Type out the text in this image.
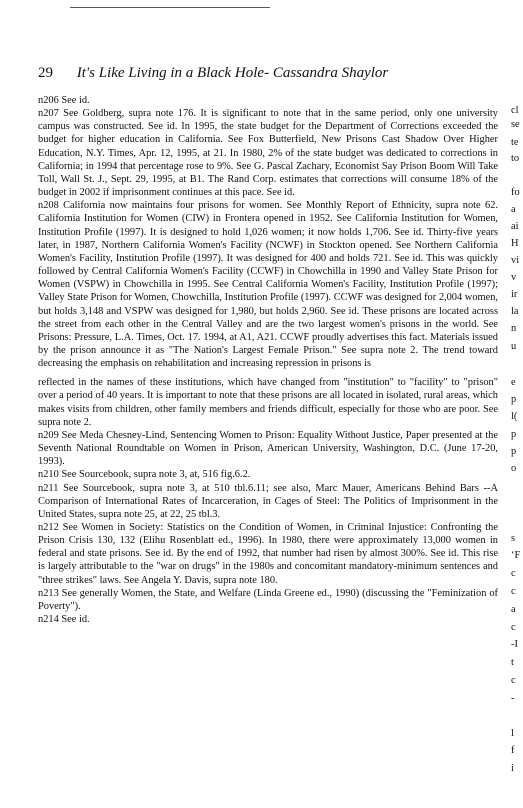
29 It's Like Living in a Black Hole- Cassandra Shaylor

n206 See id.

n207 See Goldberg, supra note 176. It is significant to note that in the same period, only one university campus was constructed. See id. In 1995, the state budget for the Department of Corrections exceeded the budget for higher education in California. See Fox Butterfield, New Prisons Cast Shadow Over Higher Education, N.Y. Times, Apr. 12, 1995, at 21. In 1980, 2% of the state budget was dedicated to corrections in California; in 1994 that percentage rose to 9%. See G. Pascal Zachary, Economist Say Prison Boom Will Take Toll, Wall St. J., Sept. 29, 1995, at B1. The Rand Corp. estimates that corrections will consume 18% of the budget in 2002 if imprisonment continues at this pace. See id.

n208 California now maintains four prisons for women. See Monthly Report of Ethnicity, supra note 62. California Institution for Women (CIW) in Frontera opened in 1952. See California Institution for Women, Institution Profile (1997). It is designed to hold 1,026 women; it now holds 1,706. See id. Thirty-five years later, in 1987, Northern California Women's Facility (NCWF) in Stockton opened. See Northern California Women's Facility, Institution Profile (1997). It was designed for 400 and holds 721. See id. This was quickly followed by Central California Women's Facility (CCWF) in Chowchilla in 1990 and Valley State Prison for Women (VSPW) in Chowchilla in 1995. See Central California Women's Facility, Institution Profile (1997); Valley State Prison for Women, Chowchilla, Institution Profile (1997). CCWF was designed for 2,004 women, but holds 3,148 and VSPW was designed for 1,980, but holds 2,960. See id. These prisons are located across the street from each other in the Central Valley and are the two largest women's prisons in the world. See Prisons: Pressure, L.A. Times, Oct. 17. 1994, at A1, A21. CCWF proudly advertises this fact. Materials issued by the prison announce it as "The Nation's Largest Female Prison." See supra note 2. The trend toward decreasing the emphasis on rehabilitation and increasing repression in prisons is

reflected in the names of these institutions, which have changed from "institution" to "facility" to "prison" over a period of 40 years. It is important to note that these prisons are all located in isolated, rural areas, which makes visits from children, other family members and friends difficult, especially for those who are poor. See supra note 2.

n209 See Meda Chesney-Lind, Sentencing Women to Prison: Equality Without Justice, Paper presented at the Seventh National Roundtable on Women in Prison, American University, Washington, D.C. (June 17-20, 1993).

n210 See Sourcebook, supra note 3, at, 516 fig.6.2.

n211 See Sourcebook, supra note 3, at 510 tbl.6.11; see also, Marc Mauer, Americans Behind Bars --A Comparison of International Rates of Incarceration, in Cages of Steel: The Politics of Imprisonment in the United States, supra note 25, at 22, 25 tbl.3.

n212 See Women in Society: Statistics on the Condition of Women, in Criminal Injustice: Confronting the Prison Crisis 130, 132 (Elihu Rosenblatt ed., 1996). In 1980, there were approximately 13,000 women in federal and state prisons. See id. By the end of 1992, that number had risen by almost 300%. See id. This rise is largely attributable to the "war on drugs" in the 1980s and concomitant mandatory-minimum sentences and "three strikes" laws. See Angela Y. Davis, supra note 180.

n213 See generally Women, the State, and Welfare (Linda Greene ed., 1990) (discussing the "Feminization of Poverty").

n214 See id.

cl
se
te
to
fo
a
ai
H
vi
v
ir
la
n
u
e
p
l(
p
p
o
s
‘F
c
c
a
c
-I
t
c
-
l
f
i
